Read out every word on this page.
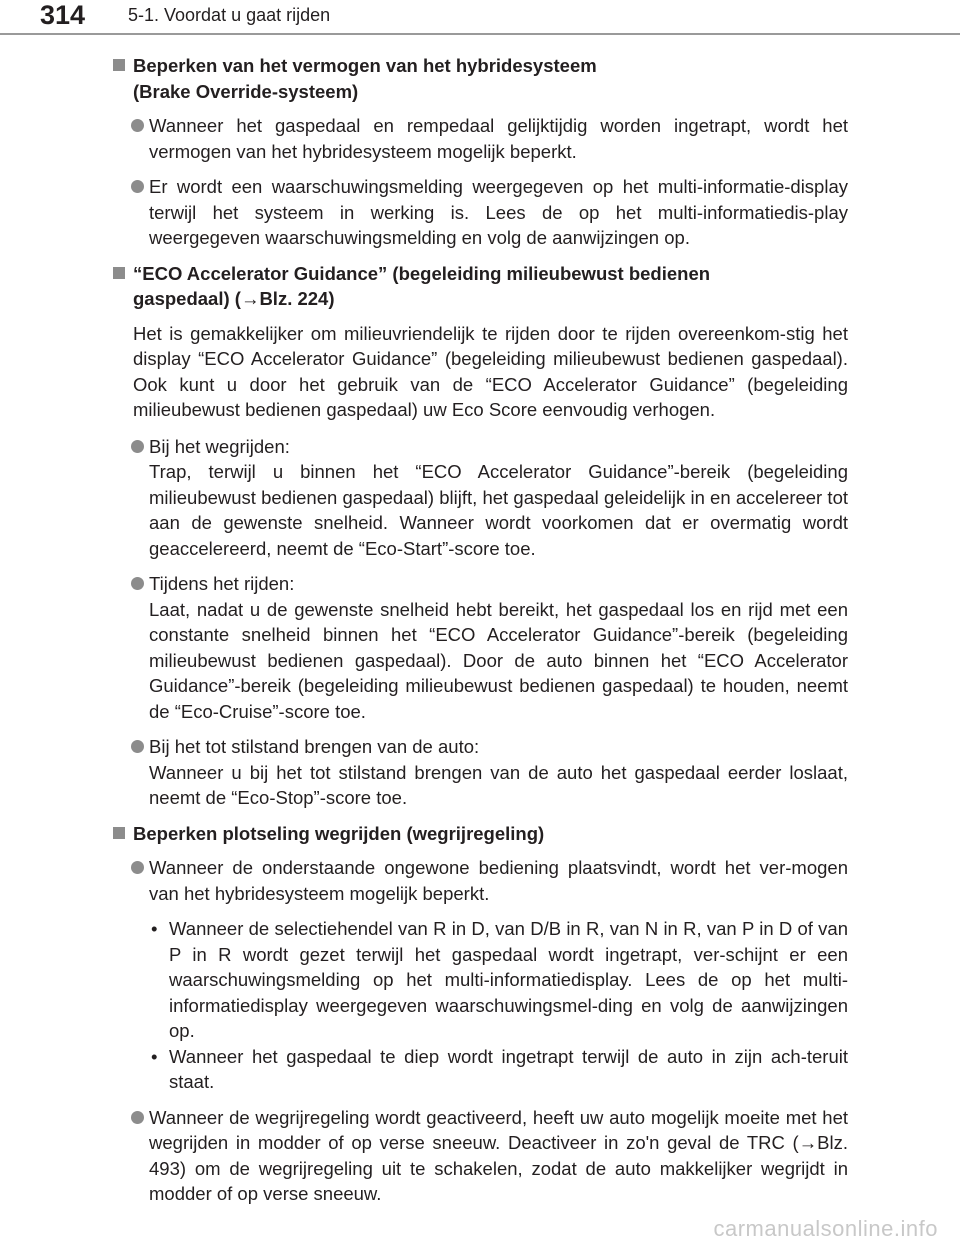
314 5-1. Voordat u gaat rijden
Beperken van het vermogen van het hybridesysteem
(Brake Override-systeem)
Wanneer het gaspedaal en rempedaal gelijktijdig worden ingetrapt, wordt het vermogen van het hybridesysteem mogelijk beperkt.
Er wordt een waarschuwingsmelding weergegeven op het multi-informatie-display terwijl het systeem in werking is. Lees de op het multi-informatiedis-play weergegeven waarschuwingsmelding en volg de aanwijzingen op.
“ECO Accelerator Guidance” (begeleiding milieubewust bedienen
gaspedaal) (→Blz. 224)
Het is gemakkelijker om milieuvriendelijk te rijden door te rijden overeenkom-stig het display “ECO Accelerator Guidance” (begeleiding milieubewust bedienen gaspedaal). Ook kunt u door het gebruik van de “ECO Accelerator Guidance” (begeleiding milieubewust bedienen gaspedaal) uw Eco Score eenvoudig verhogen.
Bij het wegrijden:
Trap, terwijl u binnen het “ECO Accelerator Guidance”-bereik (begeleiding milieubewust bedienen gaspedaal) blijft, het gaspedaal geleidelijk in en accelereer tot aan de gewenste snelheid. Wanneer wordt voorkomen dat er overmatig wordt geaccelereerd, neemt de “Eco-Start”-score toe.
Tijdens het rijden:
Laat, nadat u de gewenste snelheid hebt bereikt, het gaspedaal los en rijd met een constante snelheid binnen het “ECO Accelerator Guidance”-bereik (begeleiding milieubewust bedienen gaspedaal). Door de auto binnen het “ECO Accelerator Guidance”-bereik (begeleiding milieubewust bedienen gaspedaal) te houden, neemt de “Eco-Cruise”-score toe.
Bij het tot stilstand brengen van de auto:
Wanneer u bij het tot stilstand brengen van de auto het gaspedaal eerder loslaat, neemt de “Eco-Stop”-score toe.
Beperken plotseling wegrijden (wegrijregeling)
Wanneer de onderstaande ongewone bediening plaatsvindt, wordt het ver-mogen van het hybridesysteem mogelijk beperkt.
• Wanneer de selectiehendel van R in D, van D/B in R, van N in R, van P in D of van P in R wordt gezet terwijl het gaspedaal wordt ingetrapt, ver-schijnt er een waarschuwingsmelding op het multi-informatiedisplay. Lees de op het multi-informatiedisplay weergegeven waarschuwingsmel-ding en volg de aanwijzingen op.
• Wanneer het gaspedaal te diep wordt ingetrapt terwijl de auto in zijn ach-teruit staat.
Wanneer de wegrijregeling wordt geactiveerd, heeft uw auto mogelijk moeite met het wegrijden in modder of op verse sneeuw. Deactiveer in zo'n geval de TRC (→Blz. 493) om de wegrijregeling uit te schakelen, zodat de auto makkelijker wegrijdt in modder of op verse sneeuw.
carmanualsonline.info
